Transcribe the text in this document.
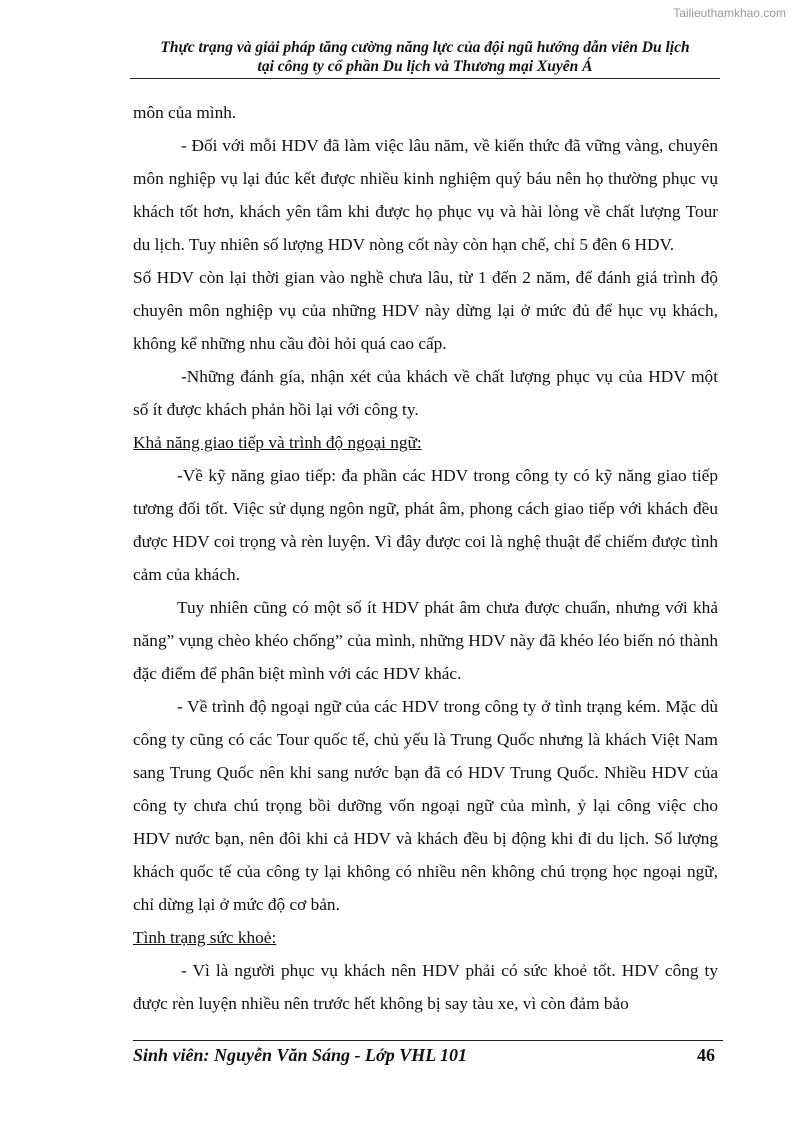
Tailieuthamkhao.com
Thực trạng và giải pháp tăng cường năng lực của đội ngũ hướng dẫn viên Du lịch
tại công ty cổ phần Du lịch và Thương mại Xuyên Á

môn của mình.

- Đối với mỗi HDV đã làm việc lâu năm, về kiến thức đã vững vàng, chuyên môn nghiệp vụ lại đúc kết được nhiều kinh nghiệm quý báu nên họ thường phục vụ khách tốt hơn, khách yên tâm khi được họ phục vụ và hài lòng về chất lượng Tour du lịch. Tuy nhiên số lượng HDV nòng cốt này còn hạn chế, chỉ 5 đên 6 HDV.

Số HDV còn lại thời gian vào nghề chưa lâu, từ 1 đến 2 năm, để đánh giá trình độ chuyên môn nghiệp vụ của những HDV này dừng lại ở mức đủ để hục vụ khách, không kể những nhu cầu đòi hỏi quá cao cấp.

-Những đánh gía, nhận xét của khách về chất lượng phục vụ của HDV một số ít được khách phản hồi lại với công ty.

Khả năng giao tiếp và trình độ ngoại ngữ:

-Về kỹ năng giao tiếp: đa phần các HDV trong công ty có kỹ năng giao tiếp tương đối tốt. Việc sử dụng ngôn ngữ, phát âm, phong cách giao tiếp với khách đều được HDV coi trọng và rèn luyện. Vì đây được coi là nghệ thuật để chiếm được tình cảm của khách.

Tuy nhiên cũng có một số ít HDV phát âm chưa được chuẩn, nhưng với khả năng” vụng chèo khéo chống” của mình, những HDV này đã khéo léo biến nó thành đặc điểm để phân biệt mình với các HDV khác.

- Về trình độ ngoại ngữ của các HDV trong công ty ở tình trạng kém. Mặc dù công ty cũng có các Tour quốc tế, chủ yếu là Trung Quốc nhưng là khách Việt Nam sang Trung Quốc nên khi sang nước bạn đã có HDV Trung Quốc. Nhiều HDV của công ty chưa chú trọng bồi dưỡng vốn ngoại ngữ của mình, ỷ lại công việc cho HDV nước bạn, nên đôi khi cả HDV và khách đều bị động khi đi du lịch. Số lượng khách quốc tế của công ty lại không có nhiều nên không chú trọng học ngoại ngữ, chỉ dừng lại ở mức độ cơ bản.

Tình trạng sức khoẻ:

- Vì là người phục vụ khách nên HDV phải có sức khoẻ tốt. HDV công ty được rèn luyện nhiều nên trước hết không bị say tàu xe, vì còn đảm bảo

Sinh viên: Nguyễn Văn Sáng - Lớp VHL 101	46
